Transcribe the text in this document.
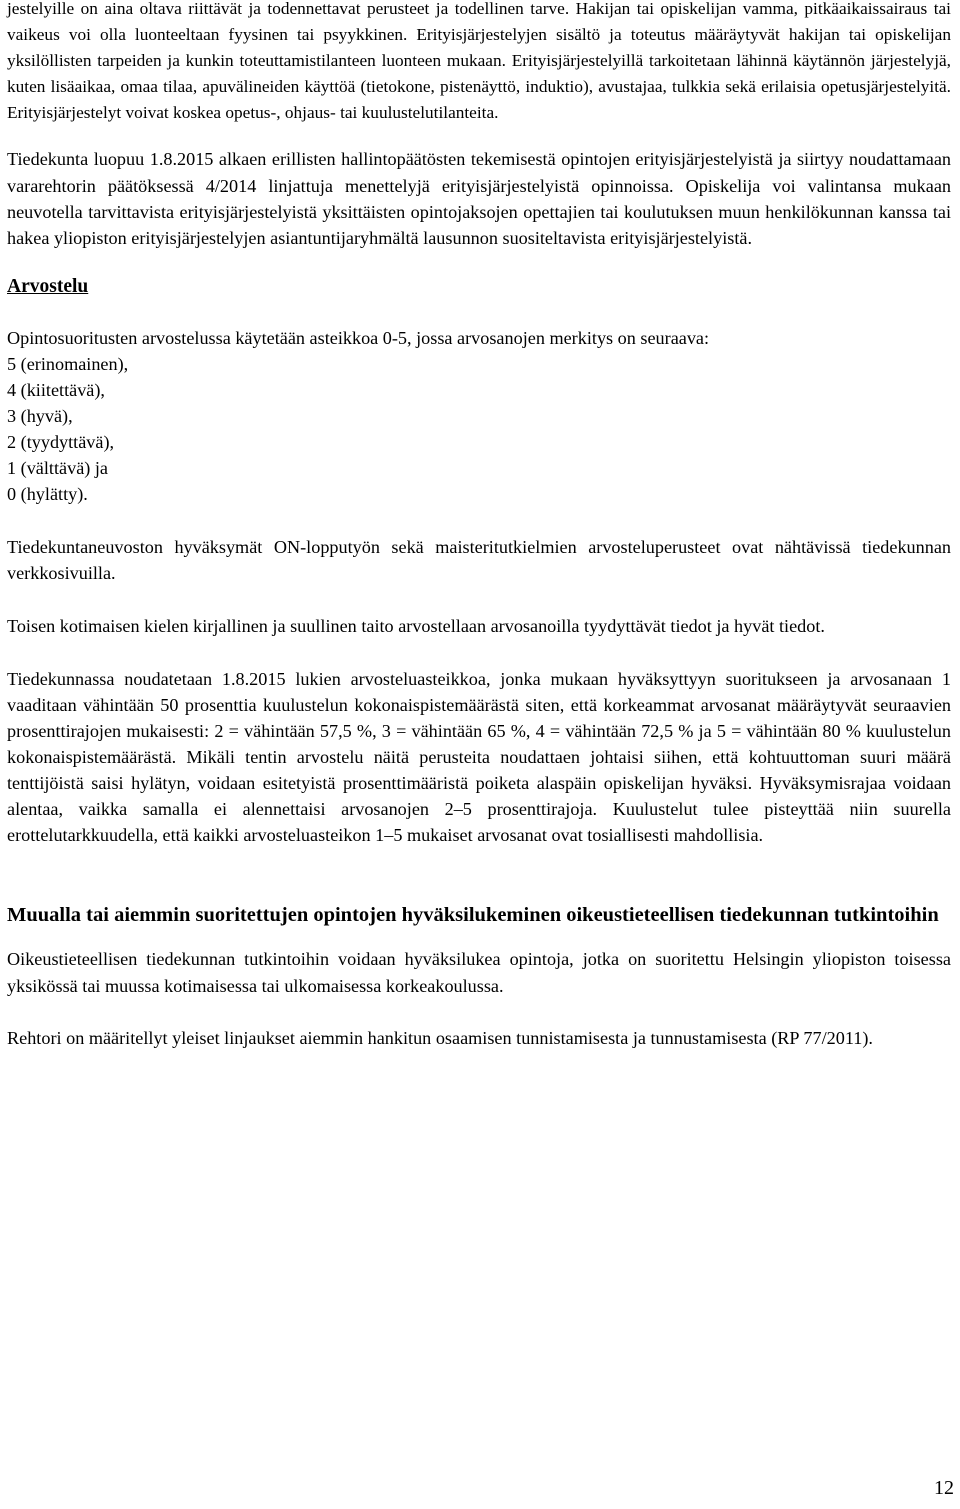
jestelyille on aina oltava riittävät ja todennettavat perusteet ja todellinen tarve. Hakijan tai opiskelijan vamma, pitkäaikaissairaus tai vaikeus voi olla luonteeltaan fyysinen tai psyykkinen. Erityisjärjestelyjen sisältö ja toteutus määräytyvät hakijan tai opiskelijan yksilöllisten tarpeiden ja kunkin toteuttamistilanteen luonteen mukaan. Erityisjärjestelyillä tarkoitetaan lähinnä käytännön järjestelyjä, kuten lisäaikaa, omaa tilaa, apuvälineiden käyttöä (tietokone, pistenäyttö, induktio), avustajaa, tulkkia sekä erilaisia opetusjärjestelyitä. Erityisjärjestelyt voivat koskea opetus-, ohjaus- tai kuulustelutilanteita.

Tiedekunta luopuu 1.8.2015 alkaen erillisten hallintopäätösten tekemisestä opintojen erityisjärjestelyistä ja siirtyy noudattamaan vararehtorin päätöksessä 4/2014 linjattuja menettelyjä erityisjärjestelyistä opinnoissa. Opiskelija voi valintansa mukaan neuvotella tarvittavista erityisjärjestelyistä yksittäisten opintojaksojen opettajien tai koulutuksen muun henkilökunnan kanssa tai hakea yliopiston erityisjärjestelyjen asiantuntijaryhmältä lausunnon suositeltavista erityisjärjestelyistä.

Arvostelu

Opintosuoritusten arvostelussa käytetään asteikkoa 0-5, jossa arvosanojen merkitys on seuraava:

5 (erinomainen),
4 (kiitettävä),
3 (hyvä),
2 (tyydyttävä),
1 (välttävä) ja
0 (hylätty).

Tiedekuntaneuvoston hyväksymät ON-lopputyön sekä maisteritutkielmien arvosteluperusteet ovat nähtävissä tiedekunnan verkkosivuilla.

Toisen kotimaisen kielen kirjallinen ja suullinen taito arvostellaan arvosanoilla tyydyttävät tiedot ja hyvät tiedot.

Tiedekunnassa noudatetaan 1.8.2015 lukien arvosteluasteikkoa, jonka mukaan hyväksyttyyn suoritukseen ja arvosanaan 1 vaaditaan vähintään 50 prosenttia kuulustelun kokonaispistemäärästä siten, että korkeammat arvosanat määräytyvät seuraavien prosenttirajojen mukaisesti: 2 = vähintään 57,5 %, 3 = vähintään 65 %, 4 = vähintään 72,5 % ja 5 = vähintään 80 % kuulustelun kokonaispistemäärästä. Mikäli tentin arvostelu näitä perusteita noudattaen johtaisi siihen, että kohtuuttoman suuri määrä tenttijöistä saisi hylätyn, voidaan esitetyistä prosenttimääristä poiketa alaspäin opiskelijan hyväksi. Hyväksymisrajaa voidaan alentaa, vaikka samalla ei alennettaisi arvosanojen 2–5 prosenttirajoja. Kuulustelut tulee pisteyttää niin suurella erottelutarkkuudella, että kaikki arvosteluasteikon 1–5 mukaiset arvosanat ovat tosiallisesti mahdollisia.

Muualla tai aiemmin suoritettujen opintojen hyväksilukeminen oikeustieteellisen tiedekunnan tutkintoihin

Oikeustieteellisen tiedekunnan tutkintoihin voidaan hyväksilukea opintoja, jotka on suoritettu Helsingin yliopiston toisessa yksikössä tai muussa kotimaisessa tai ulkomaisessa korkeakoulussa.

Rehtori on määritellyt yleiset linjaukset aiemmin hankitun osaamisen tunnistamisesta ja tunnustamisesta (RP 77/2011).

12
